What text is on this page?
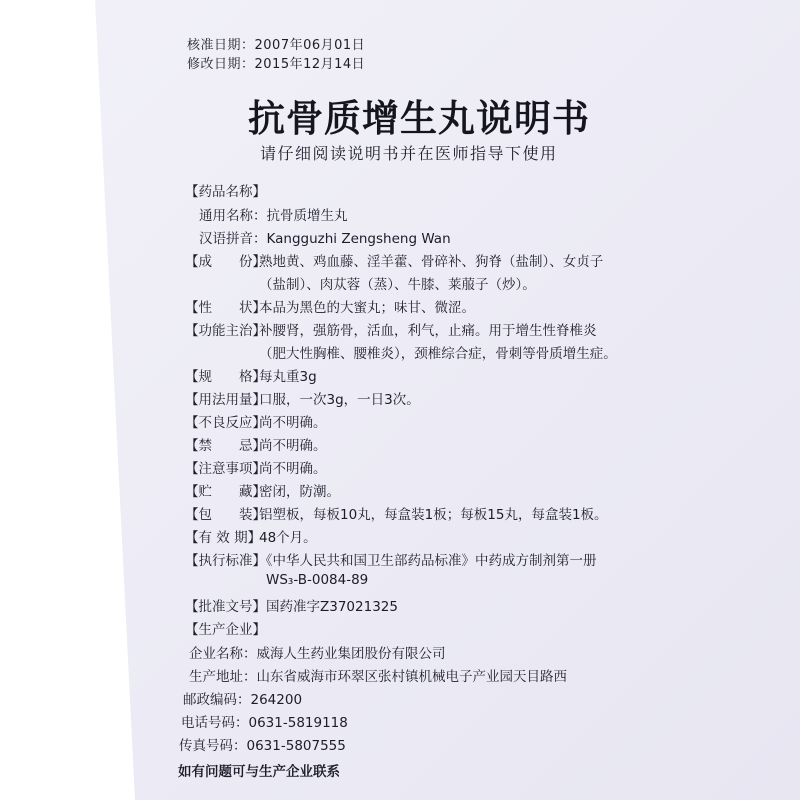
核准日期：2007年06月01日
修改日期：2015年12月14日
抗骨质增生丸说明书
请仔细阅读说明书并在医师指导下使用
【药品名称】
通用名称：抗骨质增生丸
汉语拼音：Kangguzhi Zengsheng Wan
【成　　份】
熟地黄、鸡血藤、淫羊藿、骨碎补、狗脊（盐制）、女贞子
（盐制）、肉苁蓉（蒸）、牛膝、莱菔子（炒）。
【性　　状】
本品为黑色的大蜜丸；味甘、微涩。
【功能主治】
补腰肾，强筋骨，活血，利气，止痛。用于增生性脊椎炎
（肥大性胸椎、腰椎炎），颈椎综合症，骨刺等骨质增生症。
【规　　格】
每丸重3g
【用法用量】
口服，一次3g，一日3次。
【不良反应】
尚不明确。
【禁　　忌】
尚不明确。
【注意事项】
尚不明确。
【贮　　藏】
密闭，防潮。
【包　　装】
铝塑板，每板10丸，每盒装1板；每板15丸，每盒装1板。
【有 效 期】
48个月。
【执行标准】
《中华人民共和国卫生部药品标准》中药成方制剂第一册
WS₃-B-0084-89
【批准文号】 国药准字Z37021325
【生产企业】
企业名称：威海人生药业集团股份有限公司
生产地址：山东省威海市环翠区张村镇机械电子产业园天目路西
邮政编码：264200
电话号码：0631-5819118
传真号码：0631-5807555
如有问题可与生产企业联系
